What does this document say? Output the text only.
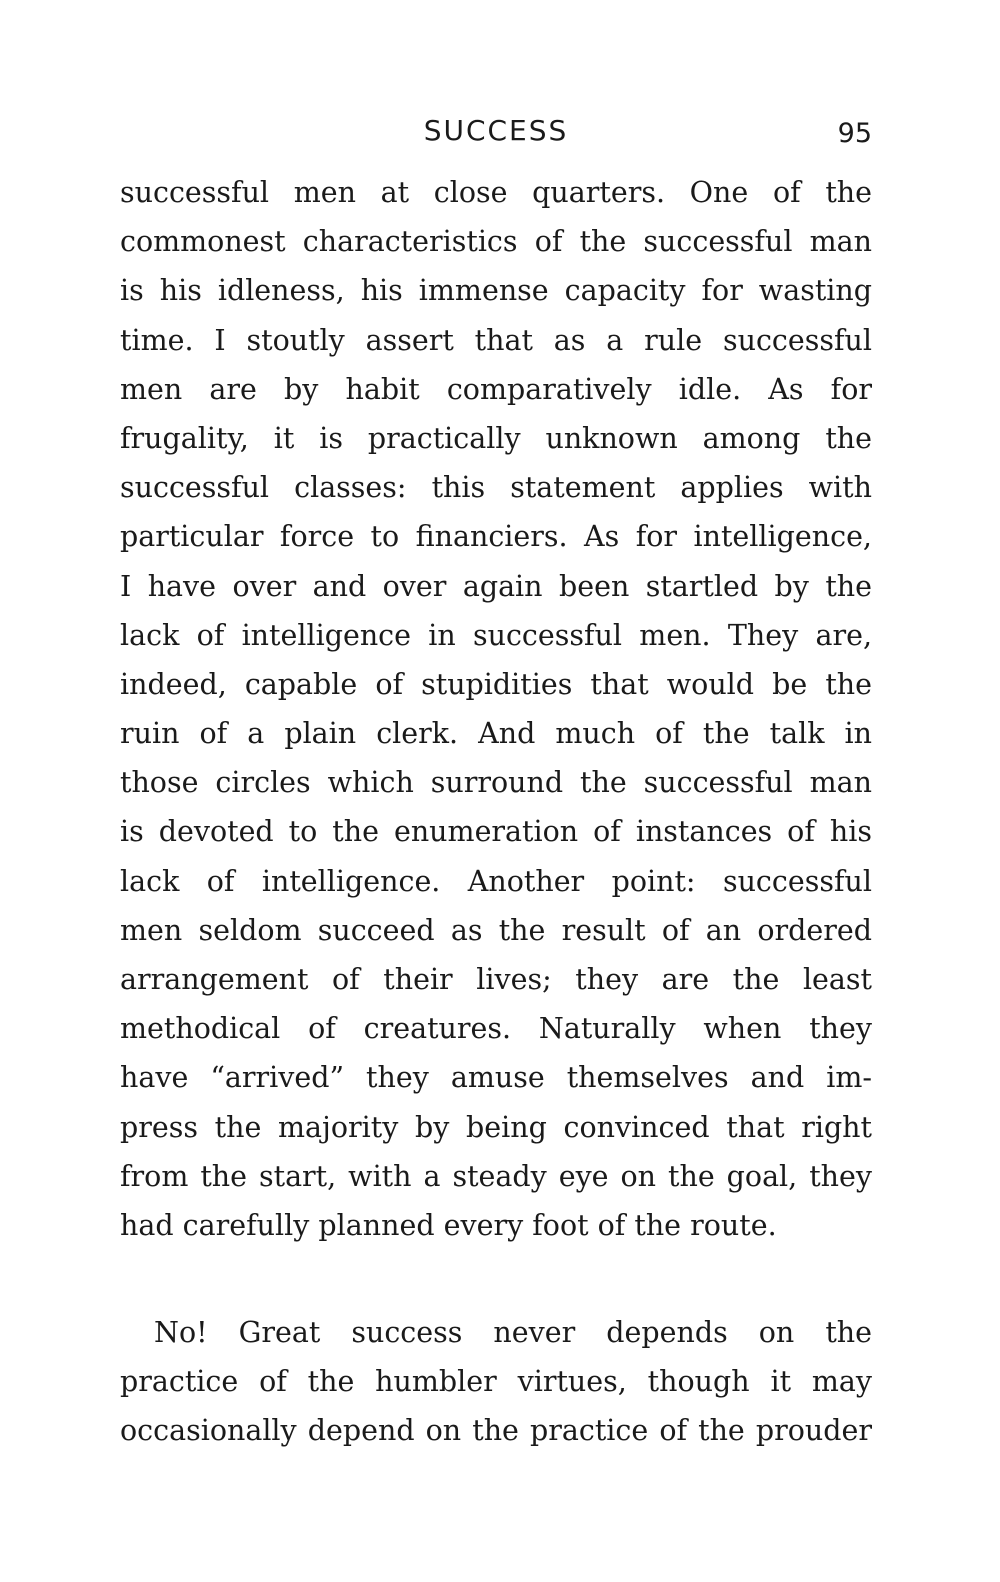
SUCCESS	95
successful men at close quarters. One of the
commonest characteristics of the successful man
is his idleness, his immense capacity for wasting
time. I stoutly assert that as a rule successful
men are by habit comparatively idle. As for
frugality, it is practically unknown among the
successful classes: this statement applies with
particular force to financiers. As for intelligence,
I have over and over again been startled by the
lack of intelligence in successful men. They are,
indeed, capable of stupidities that would be the
ruin of a plain clerk. And much of the talk in
those circles which surround the successful man
is devoted to the enumeration of instances of his
lack of intelligence. Another point: successful
men seldom succeed as the result of an ordered
arrangement of their lives; they are the least
methodical of creatures. Naturally when they
have “arrived” they amuse themselves and im-
press the majority by being convinced that right
from the start, with a steady eye on the goal, they
had carefully planned every foot of the route.
No! Great success never depends on the
practice of the humbler virtues, though it may
occasionally depend on the practice of the prouder
